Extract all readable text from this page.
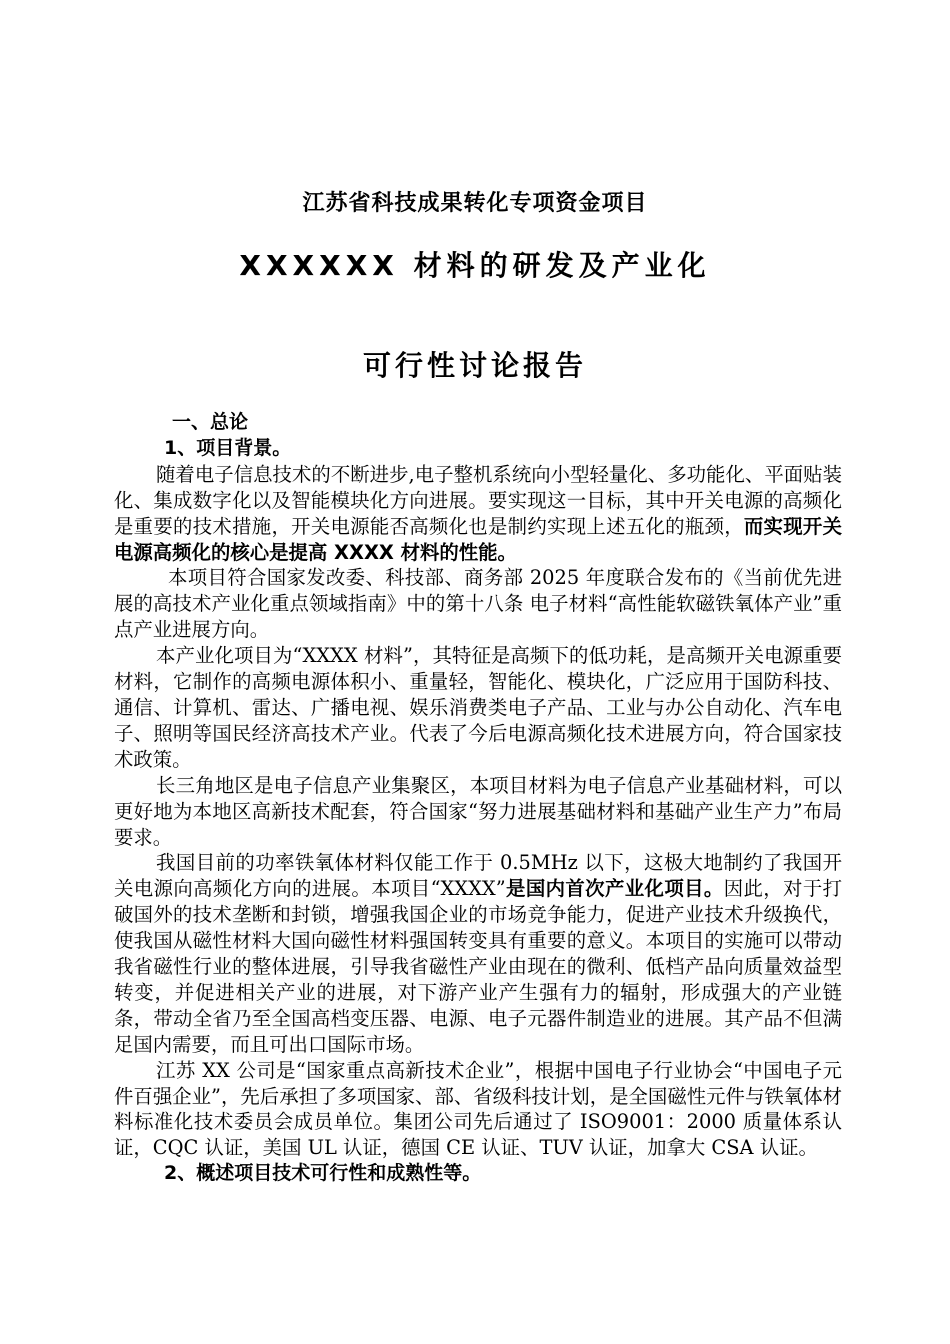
江苏省科技成果转化专项资金项目
XXXXXX 材料的研发及产业化
可行性讨论报告

一、总论

1、项目背景。

随着电子信息技术的不断进步,电子整机系统向小型轻量化、多功能化、平面贴装化、集成数字化以及智能模块化方向进展。要实现这一目标，其中开关电源的高频化是重要的技术措施，开关电源能否高频化也是制约实现上述五化的瓶颈，而实现开关电源高频化的核心是提高 XXXX 材料的性能。

本项目符合国家发改委、科技部、商务部 2025 年度联合发布的《当前优先进展的高技术产业化重点领域指南》中的第十八条 电子材料“高性能软磁铁氧体产业”重点产业进展方向。

本产业化项目为“XXXX 材料”，其特征是高频下的低功耗，是高频开关电源重要材料，它制作的高频电源体积小、重量轻，智能化、模块化，广泛应用于国防科技、通信、计算机、雷达、广播电视、娱乐消费类电子产品、工业与办公自动化、汽车电子、照明等国民经济高技术产业。代表了今后电源高频化技术进展方向，符合国家技术政策。

长三角地区是电子信息产业集聚区，本项目材料为电子信息产业基础材料，可以更好地为本地区高新技术配套，符合国家“努力进展基础材料和基础产业生产力”布局要求。

我国目前的功率铁氧体材料仅能工作于 0.5MHz 以下，这极大地制约了我国开关电源向高频化方向的进展。本项目“XXXX”是国内首次产业化项目。因此，对于打破国外的技术垄断和封锁，增强我国企业的市场竞争能力，促进产业技术升级换代，使我国从磁性材料大国向磁性材料强国转变具有重要的意义。本项目的实施可以带动我省磁性行业的整体进展，引导我省磁性产业由现在的微利、低档产品向质量效益型转变，并促进相关产业的进展，对下游产业产生强有力的辐射，形成强大的产业链条，带动全省乃至全国高档变压器、电源、电子元器件制造业的进展。其产品不但满足国内需要，而且可出口国际市场。

江苏 XX 公司是“国家重点高新技术企业”，根据中国电子行业协会“中国电子元件百强企业”，先后承担了多项国家、部、省级科技计划，是全国磁性元件与铁氧体材料标准化技术委员会成员单位。集团公司先后通过了 ISO9001：2000 质量体系认证，CQC 认证，美国 UL 认证，德国 CE 认证、TUV 认证，加拿大 CSA 认证。

2、概述项目技术可行性和成熟性等。
